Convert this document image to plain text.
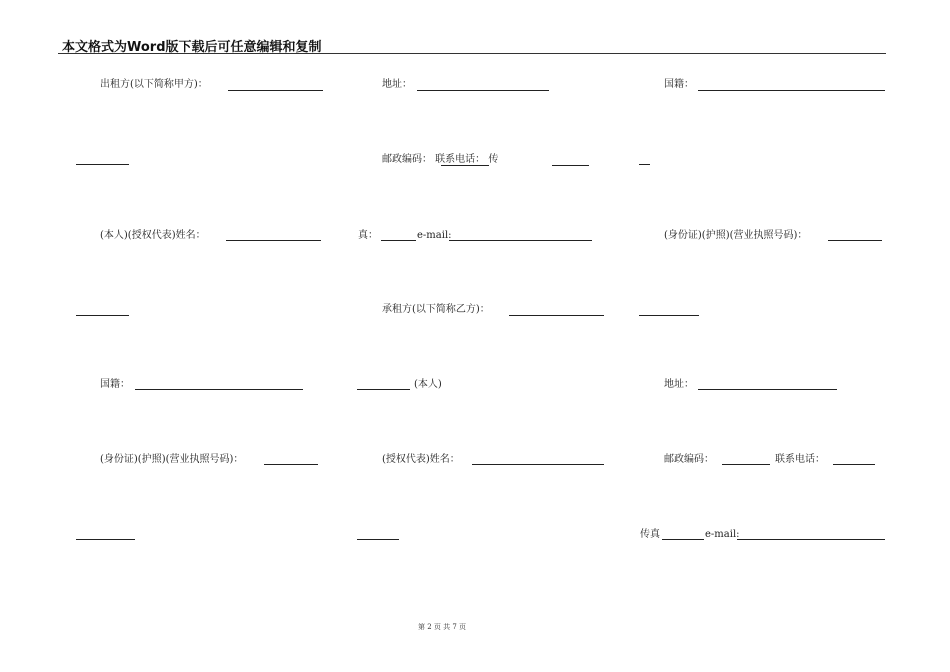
本文格式为Word版下载后可任意编辑和复制
出租方(以下简称甲方)：	地址：	国籍：
邮政编码： 联系电话： 传
(本人)(授权代表)姓名：	真：	e-mail:	(身份证)(护照)(营业执照号码)：
承租方(以下简称乙方)：
国籍：	(本人)	地址：
(身份证)(护照)(营业执照号码)：	(授权代表)姓名：	邮政编码：	联系电话：
传真	e-mail:
第 2 页 共 7 页
